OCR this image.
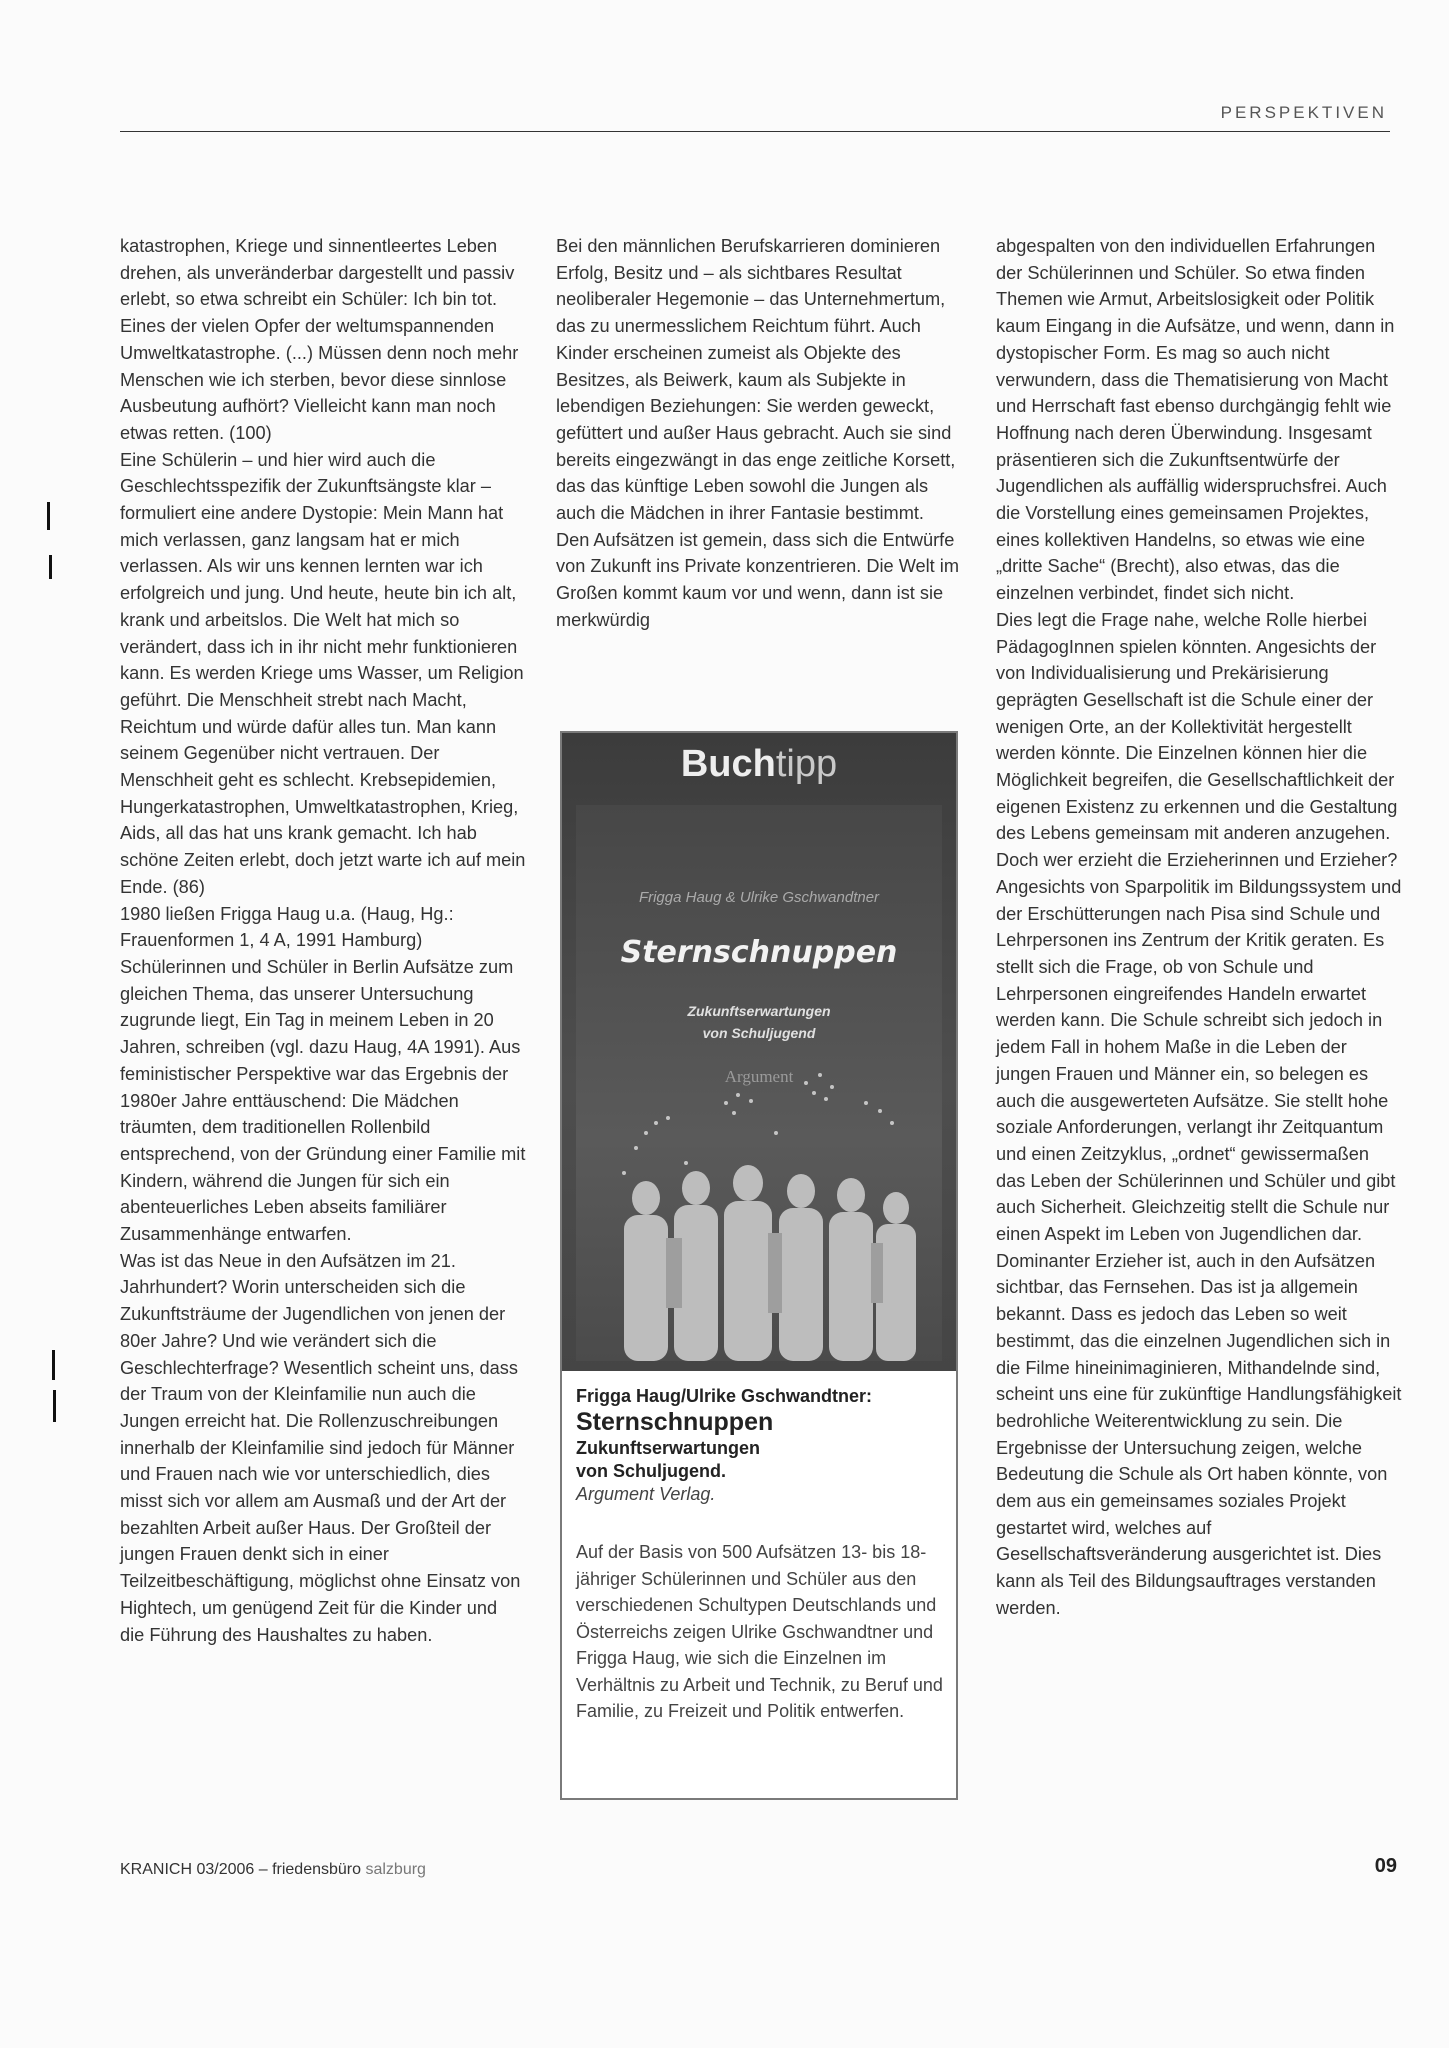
PERSPEKTIVEN

katastrophen, Kriege und sinnentleertes Leben drehen, als unveränderbar dargestellt und passiv erlebt, so etwa schreibt ein Schüler: Ich bin tot. Eines der vielen Opfer der weltumspannenden Umweltkatastrophe. (...) Müssen denn noch mehr Menschen wie ich sterben, bevor diese sinnlose Ausbeutung aufhört? Vielleicht kann man noch etwas retten. (100)

Eine Schülerin – und hier wird auch die Geschlechtsspezifik der Zukunftsängste klar – formuliert eine andere Dystopie: Mein Mann hat mich verlassen, ganz langsam hat er mich verlassen. Als wir uns kennen lernten war ich erfolgreich und jung. Und heute, heute bin ich alt, krank und arbeitslos. Die Welt hat mich so verändert, dass ich in ihr nicht mehr funktionieren kann. Es werden Kriege ums Wasser, um Religion geführt. Die Menschheit strebt nach Macht, Reichtum und würde dafür alles tun. Man kann seinem Gegenüber nicht vertrauen. Der Menschheit geht es schlecht. Krebsepidemien, Hungerkatastrophen, Umweltkatastrophen, Krieg, Aids, all das hat uns krank gemacht. Ich hab schöne Zeiten erlebt, doch jetzt warte ich auf mein Ende. (86)

1980 ließen Frigga Haug u.a. (Haug, Hg.: Frauenformen 1, 4 A, 1991 Hamburg) Schülerinnen und Schüler in Berlin Aufsätze zum gleichen Thema, das unserer Untersuchung zugrunde liegt, Ein Tag in meinem Leben in 20 Jahren, schreiben (vgl. dazu Haug, 4A 1991). Aus feministischer Perspektive war das Ergebnis der 1980er Jahre enttäuschend: Die Mädchen träumten, dem traditionellen Rollenbild entsprechend, von der Gründung einer Familie mit Kindern, während die Jungen für sich ein abenteuerliches Leben abseits familiärer Zusammenhänge entwarfen.

Was ist das Neue in den Aufsätzen im 21. Jahrhundert? Worin unterscheiden sich die Zukunftsträume der Jugendlichen von jenen der 80er Jahre? Und wie verändert sich die Geschlechterfrage? Wesentlich scheint uns, dass der Traum von der Kleinfamilie nun auch die Jungen erreicht hat. Die Rollenzuschreibungen innerhalb der Kleinfamilie sind jedoch für Männer und Frauen nach wie vor unterschiedlich, dies misst sich vor allem am Ausmaß und der Art der bezahlten Arbeit außer Haus. Der Großteil der jungen Frauen denkt sich in einer Teilzeitbeschäftigung, möglichst ohne Einsatz von Hightech, um genügend Zeit für die Kinder und die Führung des Haushaltes zu haben.

Bei den männlichen Berufskarrieren dominieren Erfolg, Besitz und – als sichtbares Resultat neoliberaler Hegemonie – das Unternehmertum, das zu unermesslichem Reichtum führt. Auch Kinder erscheinen zumeist als Objekte des Besitzes, als Beiwerk, kaum als Subjekte in lebendigen Beziehungen: Sie werden geweckt, gefüttert und außer Haus gebracht. Auch sie sind bereits eingezwängt in das enge zeitliche Korsett, das das künftige Leben sowohl die Jungen als auch die Mädchen in ihrer Fantasie bestimmt.

Den Aufsätzen ist gemein, dass sich die Entwürfe von Zukunft ins Private konzentrieren. Die Welt im Großen kommt kaum vor und wenn, dann ist sie merkwürdig

Buchtipp
Frigga Haug & Ulrike Gschwandtner
Sternschnuppen
Zukunftserwartungen
von Schuljugend
Argument
Frigga Haug/Ulrike Gschwandtner:
Sternschnuppen
Zukunftserwartungen
von Schuljugend.
Argument Verlag.
Auf der Basis von 500 Aufsätzen 13- bis 18-jähriger Schülerinnen und Schüler aus den verschiedenen Schultypen Deutschlands und Österreichs zeigen Ulrike Gschwandtner und Frigga Haug, wie sich die Einzelnen im Verhältnis zu Arbeit und Technik, zu Beruf und Familie, zu Freizeit und Politik entwerfen.

abgespalten von den individuellen Erfahrungen der Schülerinnen und Schüler. So etwa finden Themen wie Armut, Arbeitslosigkeit oder Politik kaum Eingang in die Aufsätze, und wenn, dann in dystopischer Form. Es mag so auch nicht verwundern, dass die Thematisierung von Macht und Herrschaft fast ebenso durchgängig fehlt wie Hoffnung nach deren Überwindung. Insgesamt präsentieren sich die Zukunftsentwürfe der Jugendlichen als auffällig widerspruchsfrei. Auch die Vorstellung eines gemeinsamen Projektes, eines kollektiven Handelns, so etwas wie eine „dritte Sache“ (Brecht), also etwas, das die einzelnen verbindet, findet sich nicht.

Dies legt die Frage nahe, welche Rolle hierbei PädagogInnen spielen könnten. Angesichts der von Individualisierung und Prekärisierung geprägten Gesellschaft ist die Schule einer der wenigen Orte, an der Kollektivität hergestellt werden könnte. Die Einzelnen können hier die Möglichkeit begreifen, die Gesellschaftlichkeit der eigenen Existenz zu erkennen und die Gestaltung des Lebens gemeinsam mit anderen anzugehen. Doch wer erzieht die Erzieherinnen und Erzieher? Angesichts von Sparpolitik im Bildungssystem und der Erschütterungen nach Pisa sind Schule und Lehrpersonen ins Zentrum der Kritik geraten. Es stellt sich die Frage, ob von Schule und Lehrpersonen eingreifendes Handeln erwartet werden kann. Die Schule schreibt sich jedoch in jedem Fall in hohem Maße in die Leben der jungen Frauen und Männer ein, so belegen es auch die ausgewerteten Aufsätze. Sie stellt hohe soziale Anforderungen, verlangt ihr Zeitquantum und einen Zeitzyklus, „ordnet“ gewissermaßen das Leben der Schülerinnen und Schüler und gibt auch Sicherheit. Gleichzeitig stellt die Schule nur einen Aspekt im Leben von Jugendlichen dar. Dominanter Erzieher ist, auch in den Aufsätzen sichtbar, das Fernsehen. Das ist ja allgemein bekannt. Dass es jedoch das Leben so weit bestimmt, das die einzelnen Jugendlichen sich in die Filme hineinimaginieren, Mithandelnde sind, scheint uns eine für zukünftige Handlungsfähigkeit bedrohliche Weiterentwicklung zu sein. Die Ergebnisse der Untersuchung zeigen, welche Bedeutung die Schule als Ort haben könnte, von dem aus ein gemeinsames soziales Projekt gestartet wird, welches auf Gesellschaftsveränderung ausgerichtet ist. Dies kann als Teil des Bildungsauftrages verstanden werden.

KRANICH 03/2006 – friedensbüro salzburg	09
